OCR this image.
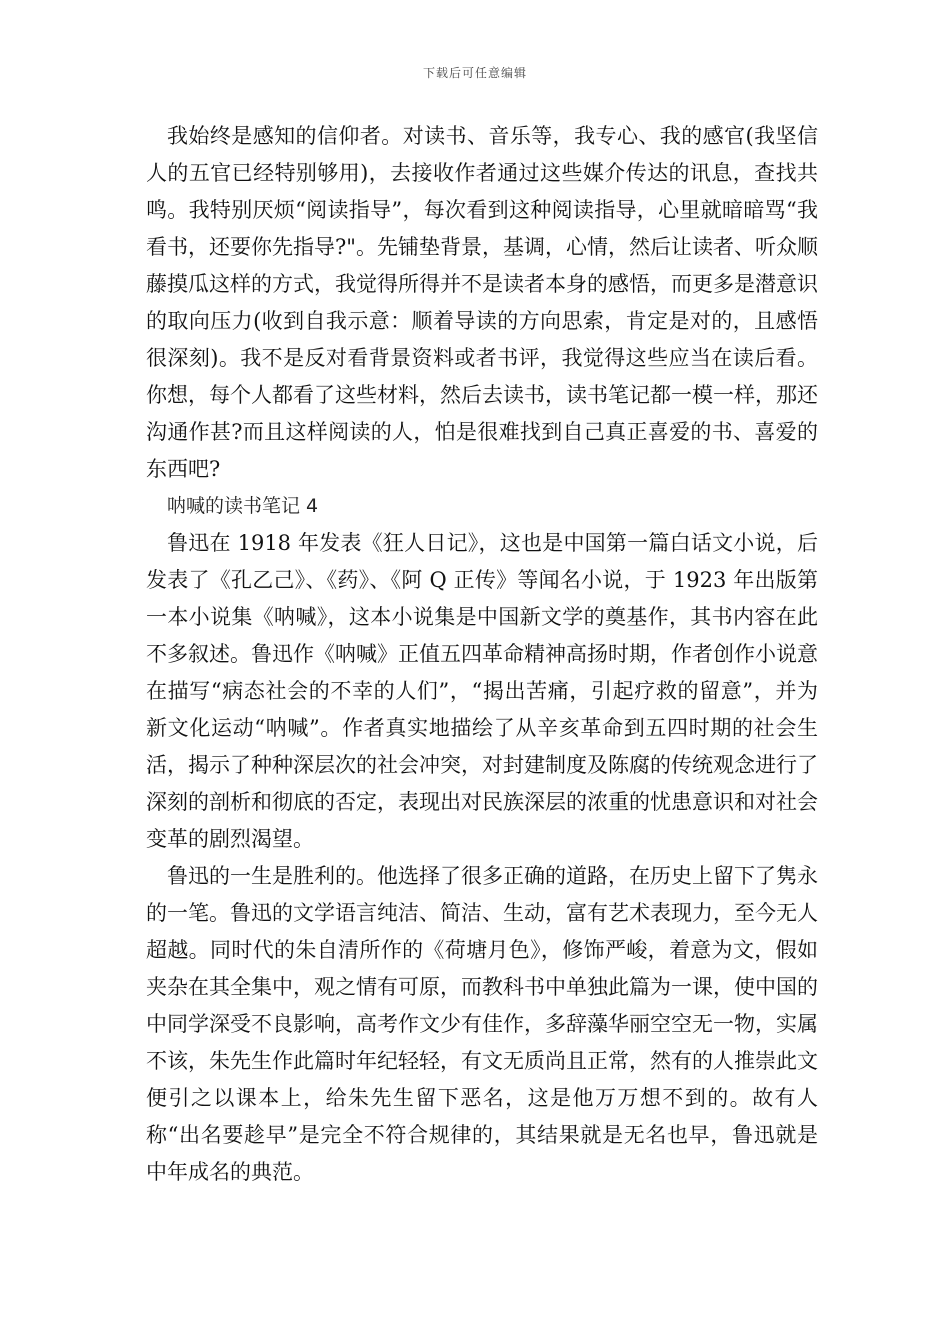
下载后可任意编辑

我始终是感知的信仰者。对读书、音乐等，我专心、我的感官(我坚信人的五官已经特别够用)，去接收作者通过这些媒介传达的讯息，查找共鸣。我特别厌烦“阅读指导”，每次看到这种阅读指导，心里就暗暗骂“我看书，还要你先指导?"。先铺垫背景，基调，心情，然后让读者、听众顺藤摸瓜这样的方式，我觉得所得并不是读者本身的感悟，而更多是潜意识的取向压力(收到自我示意：顺着导读的方向思索，肯定是对的，且感悟很深刻)。我不是反对看背景资料或者书评，我觉得这些应当在读后看。你想，每个人都看了这些材料，然后去读书，读书笔记都一模一样，那还沟通作甚?而且这样阅读的人，怕是很难找到自己真正喜爱的书、喜爱的东西吧?

呐喊的读书笔记 4

鲁迅在 1918 年发表《狂人日记》，这也是中国第一篇白话文小说，后发表了《孔乙己》、《药》、《阿 Q 正传》等闻名小说，于 1923 年出版第一本小说集《呐喊》，这本小说集是中国新文学的奠基作，其书内容在此不多叙述。鲁迅作《呐喊》正值五四革命精神高扬时期，作者创作小说意在描写“病态社会的不幸的人们”，“揭出苦痛，引起疗救的留意”，并为新文化运动“呐喊”。作者真实地描绘了从辛亥革命到五四时期的社会生活，揭示了种种深层次的社会冲突，对封建制度及陈腐的传统观念进行了深刻的剖析和彻底的否定，表现出对民族深层的浓重的忧患意识和对社会变革的剧烈渴望。

鲁迅的一生是胜利的。他选择了很多正确的道路，在历史上留下了隽永的一笔。鲁迅的文学语言纯洁、简洁、生动，富有艺术表现力，至今无人超越。同时代的朱自清所作的《荷塘月色》，修饰严峻，着意为文，假如夹杂在其全集中，观之情有可原，而教科书中单独此篇为一课，使中国的中同学深受不良影响，高考作文少有佳作，多辞藻华丽空空无一物，实属不该，朱先生作此篇时年纪轻轻，有文无质尚且正常，然有的人推崇此文便引之以课本上，给朱先生留下恶名，这是他万万想不到的。故有人称“出名要趁早”是完全不符合规律的，其结果就是无名也早，鲁迅就是中年成名的典范。
